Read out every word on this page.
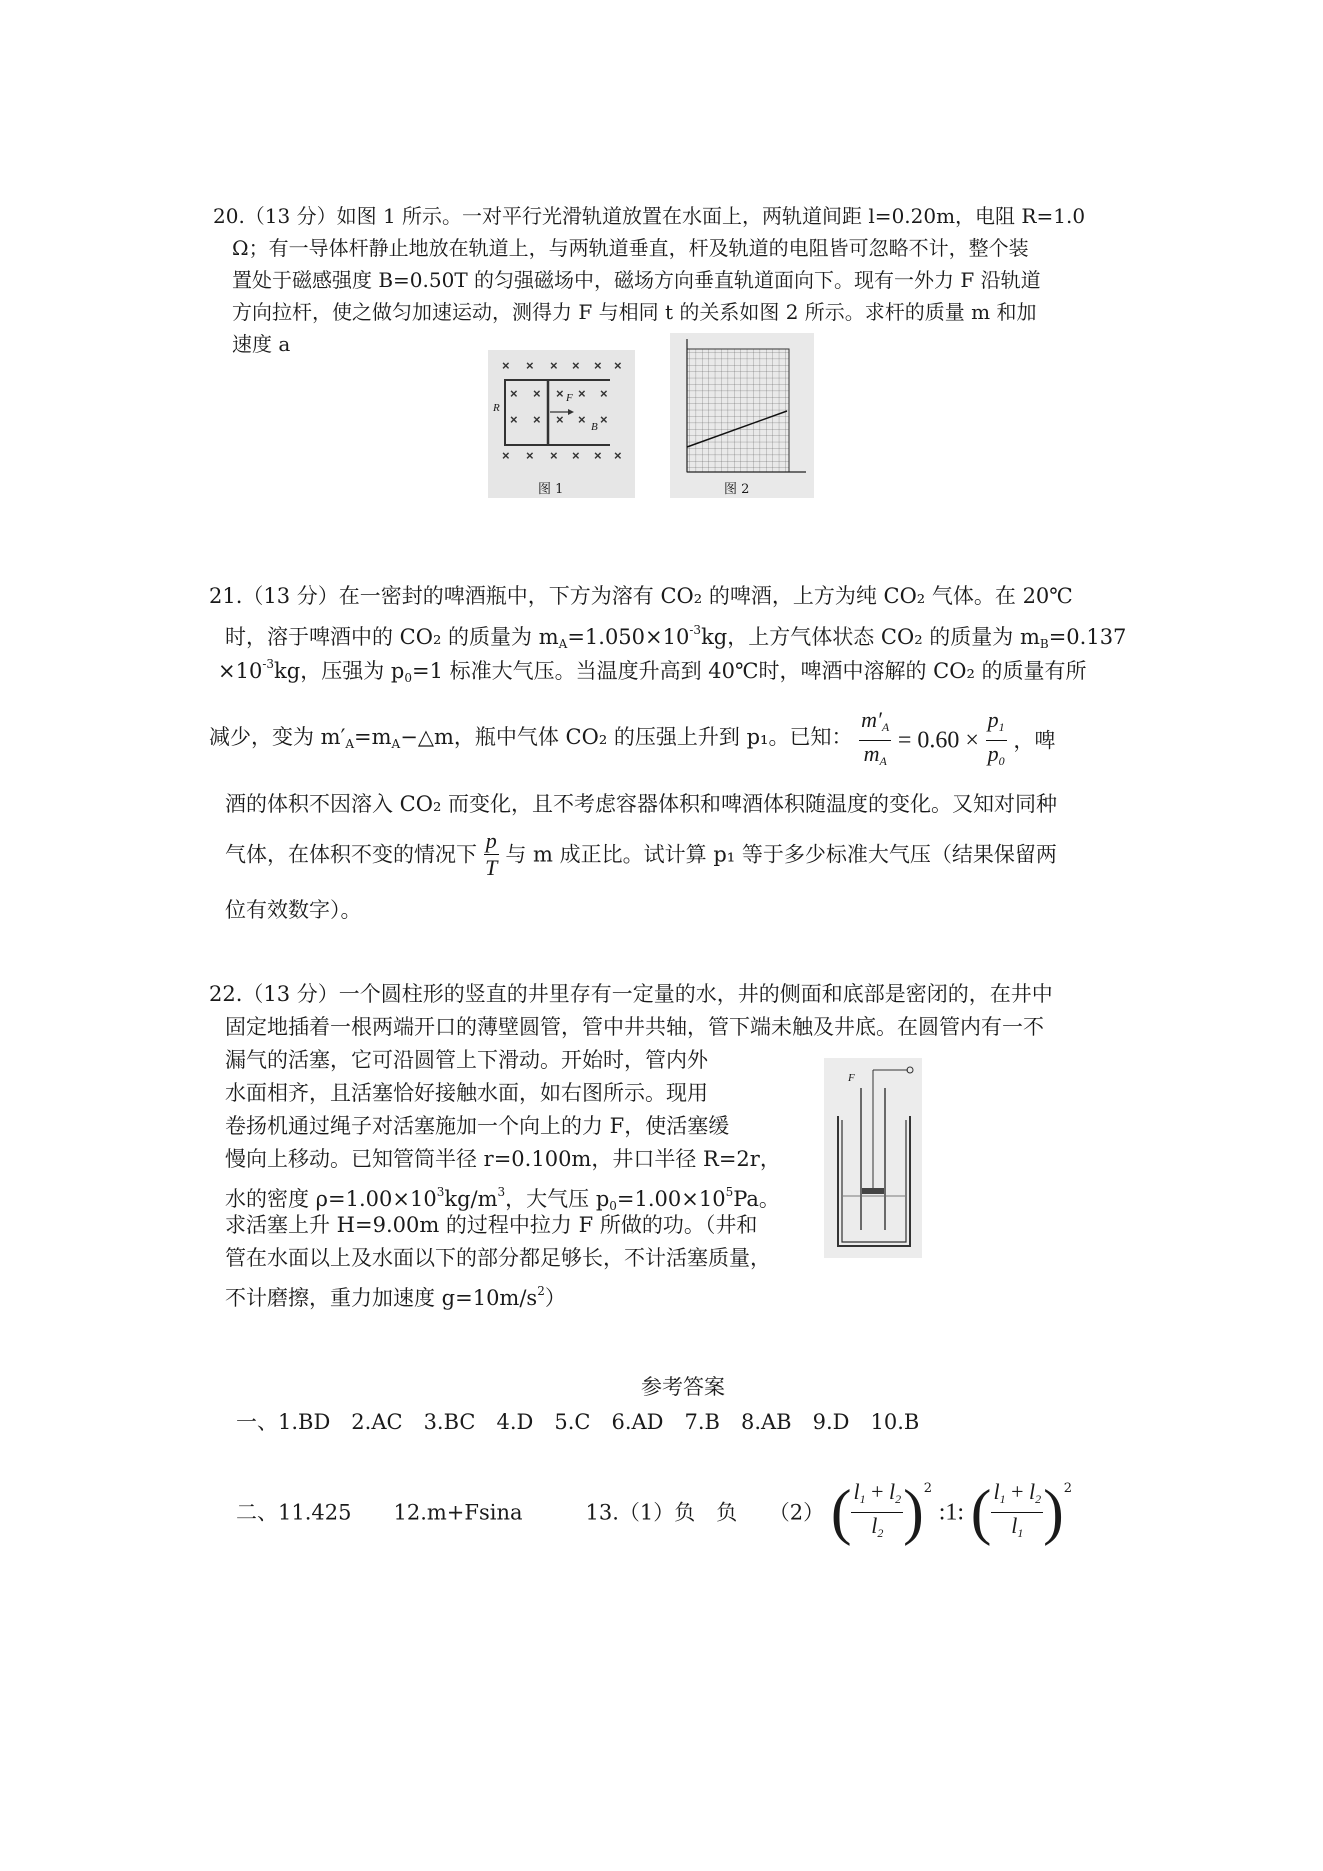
20.（13 分）如图 1 所示。一对平行光滑轨道放置在水面上，两轨道间距 l=0.20m，电阻 R=1.0
Ω；有一导体杆静止地放在轨道上，与两轨道垂直，杆及轨道的电阻皆可忽略不计，整个装
置处于磁感强度 B=0.50T 的匀强磁场中，磁场方向垂直轨道面向下。现有一外力 F 沿轨道
方向拉杆，使之做匀加速运动，测得力 F 与相同 t 的关系如图 2 所示。求杆的质量 m 和加
速度 a
× × × × × ×
× × × × ×
× × × × ×
× × × × × ×
R
B
F
图 1	图 2
21.（13 分）在一密封的啤酒瓶中，下方为溶有 CO₂ 的啤酒，上方为纯 CO₂ 气体。在 20℃
时，溶于啤酒中的 CO₂ 的质量为 $m_A=1.050\times 10^{-3}kg$，上方气体状态 CO₂ 的质量为 $m_B=0.137$
$\times 10^{-3}kg$，压强为 $p_0=1$ 标准大气压。当温度升高到 40℃时，啤酒中溶解的 CO₂ 的质量有所
减少，变为 $m'_A=m_A-\triangle m$，瓶中气体 CO₂ 的压强上升到 p₁。已知： $\frac{m'_A}{m_A} = 0.60 \times \frac{p_1}{p_0}$ ，啤
酒的体积不因溶入 CO₂ 而变化，且不考虑容器体积和啤酒体积随温度的变化。又知对同种
气体，在体积不变的情况下 $\frac{p}{T}$ 与 m 成正比。试计算 p₁ 等于多少标准大气压（结果保留两
位有效数字）。
22.（13 分）一个圆柱形的竖直的井里存有一定量的水，井的侧面和底部是密闭的，在井中
固定地插着一根两端开口的薄壁圆管，管中井共轴，管下端未触及井底。在圆管内有一不
漏气的活塞，它可沿圆管上下滑动。开始时，管内外
水面相齐，且活塞恰好接触水面，如右图所示。现用
卷扬机通过绳子对活塞施加一个向上的力 F，使活塞缓
慢向上移动。已知管筒半径 r=0.100m，井口半径 R=2r，
水的密度 $\rho=1.00\times 10^3kg/m^3$，大气压 $p_0=1.00\times 10^5Pa$。
求活塞上升 H=9.00m 的过程中拉力 F 所做的功。（井和
管在水面以上及水面以下的部分都足够长，不计活塞质量，
不计磨擦，重力加速度 $g=10m/s^2$）
F
参考答案
一、1.BD　2.AC　3.BC　4.D　5.C　6.AD　7.B　8.AB　9.D　10.B
二、11.425　　12.m+Fsina　　　13.（1）负　负　　（2） ( $\frac{l_1 + l_2}{l_2} )^2$ :1: ( $\frac{l_1 + l_2}{l_1} )^2$
